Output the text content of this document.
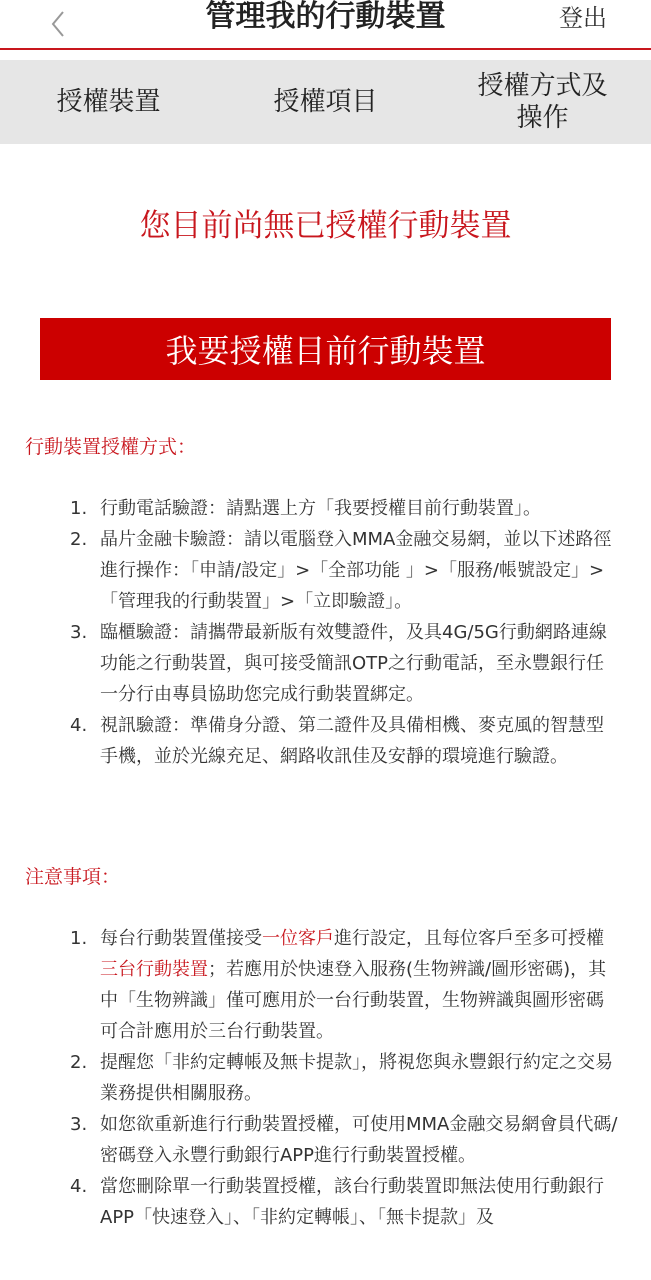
管理我的行動裝置	登出
授權裝置	授權項目
授權方式及操作
您目前尚無已授權行動裝置
我要授權目前行動裝置
行動裝置授權方式：
1. 行動電話驗證：請點選上方「我要授權目前行動裝置」。
2. 晶片金融卡驗證：請以電腦登入MMA金融交易網，並以下述路徑進行操作：「申請/設定」>「全部功能 」>「服務/帳號設定」>「管理我的行動裝置」>「立即驗證」。
3. 臨櫃驗證：請攜帶最新版有效雙證件，及具4G/5G行動網路連線功能之行動裝置，與可接受簡訊OTP之行動電話，至永豐銀行任一分行由專員協助您完成行動裝置綁定。
4. 視訊驗證：準備身分證、第二證件及具備相機、麥克風的智慧型手機，並於光線充足、網路收訊佳及安靜的環境進行驗證。
注意事項：
1. 每台行動裝置僅接受一位客戶進行設定，且每位客戶至多可授權三台行動裝置；若應用於快速登入服務(生物辨識/圖形密碼)，其中「生物辨識」僅可應用於一台行動裝置，生物辨識與圖形密碼可合計應用於三台行動裝置。
2. 提醒您「非約定轉帳及無卡提款」，將視您與永豐銀行約定之交易業務提供相關服務。
3. 如您欲重新進行行動裝置授權，可使用MMA金融交易網會員代碼/密碼登入永豐行動銀行APP進行行動裝置授權。
4. 當您刪除單一行動裝置授權，該台行動裝置即無法使用行動銀行APP「快速登入」、「非約定轉帳」、「無卡提款」及
